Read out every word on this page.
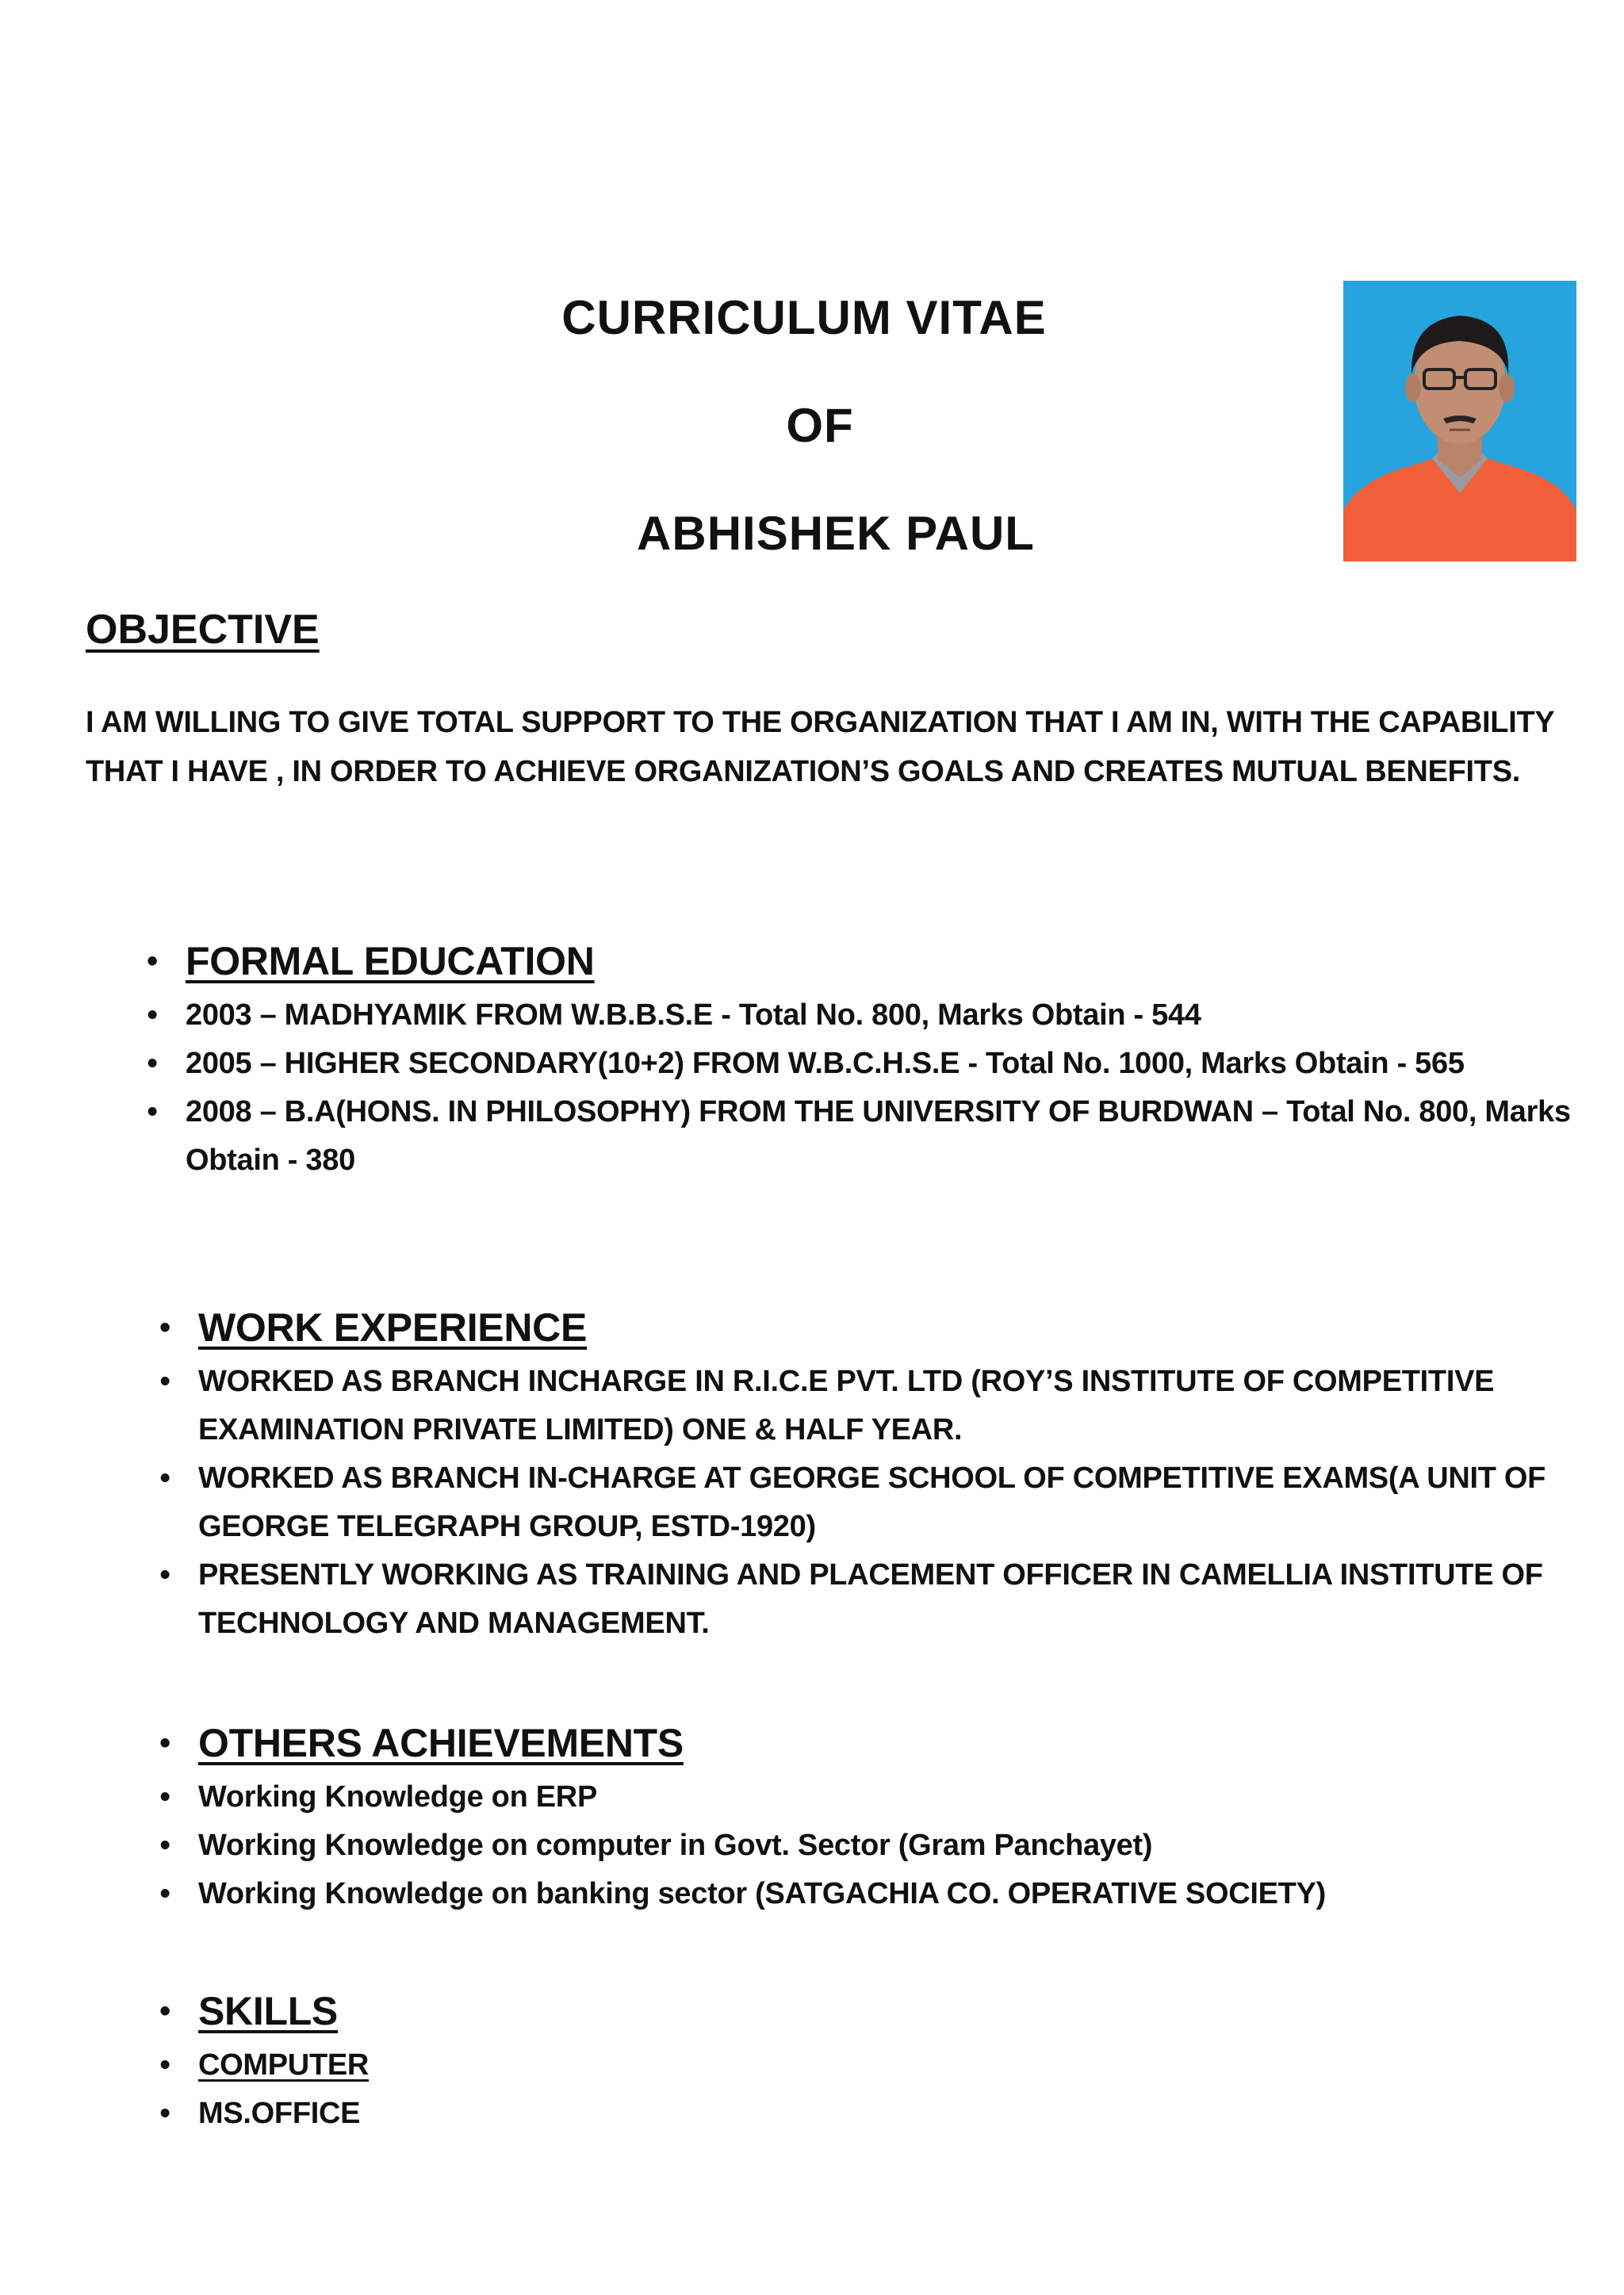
CURRICULUM VITAE
OF
ABHISHEK PAUL
OBJECTIVE
I AM WILLING TO GIVE TOTAL SUPPORT TO THE ORGANIZATION THAT I AM IN, WITH THE CAPABILITY THAT I HAVE , IN ORDER TO ACHIEVE ORGANIZATION’S GOALS AND CREATES MUTUAL BENEFITS.
• FORMAL EDUCATION
• 2003 – MADHYAMIK FROM W.B.B.S.E - Total No. 800, Marks Obtain - 544
• 2005 – HIGHER SECONDARY(10+2) FROM W.B.C.H.S.E - Total No. 1000, Marks Obtain - 565
• 2008 – B.A(HONS. IN PHILOSOPHY) FROM THE UNIVERSITY OF BURDWAN – Total No. 800, Marks Obtain - 380
• WORK EXPERIENCE
• WORKED AS BRANCH INCHARGE IN R.I.C.E PVT. LTD (ROY’S INSTITUTE OF COMPETITIVE EXAMINATION PRIVATE LIMITED) ONE & HALF YEAR.
• WORKED AS BRANCH IN-CHARGE AT GEORGE SCHOOL OF COMPETITIVE EXAMS(A UNIT OF GEORGE TELEGRAPH GROUP, ESTD-1920)
• PRESENTLY WORKING AS TRAINING AND PLACEMENT OFFICER IN CAMELLIA INSTITUTE OF TECHNOLOGY AND MANAGEMENT.
• OTHERS ACHIEVEMENTS
• Working Knowledge on ERP
• Working Knowledge on computer in Govt. Sector (Gram Panchayet)
• Working Knowledge on banking sector (SATGACHIA CO. OPERATIVE SOCIETY)
• SKILLS
• COMPUTER
• MS.OFFICE
